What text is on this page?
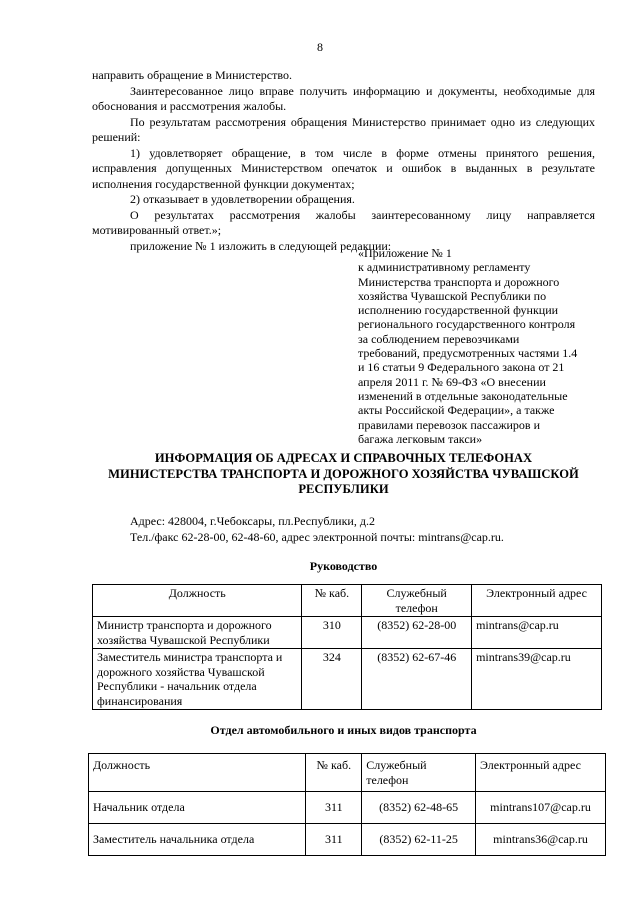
8

направить обращение в Министерство.

Заинтересованное лицо вправе получить информацию и документы, необходимые для обоснования и рассмотрения жалобы.

По результатам рассмотрения обращения Министерство принимает одно из следующих решений:

1) удовлетворяет обращение, в том числе в форме отмены принятого решения, исправления допущенных Министерством опечаток и ошибок в выданных в результате исполнения государственной функции документах;

2) отказывает в удовлетворении обращения.

О результатах рассмотрения жалобы заинтересованному лицу направляется мотивированный ответ.»;

приложение № 1 изложить в следующей редакции:

«Приложение № 1
к административному регламенту
Министерства транспорта и дорожного
хозяйства Чувашской Республики по
исполнению государственной функции
регионального государственного контроля
за соблюдением перевозчиками
требований, предусмотренных частями 1.4
и 16 статьи 9 Федерального закона от 21
апреля 2011 г. № 69-ФЗ «О внесении
изменений в отдельные законодательные
акты Российской Федерации», а также
правилами перевозок пассажиров и
багажа легковым такси»
ИНФОРМАЦИЯ ОБ АДРЕСАХ И СПРАВОЧНЫХ ТЕЛЕФОНАХ
МИНИСТЕРСТВА ТРАНСПОРТА И ДОРОЖНОГО ХОЗЯЙСТВА ЧУВАШСКОЙ
РЕСПУБЛИКИ
Адрес: 428004, г.Чебоксары, пл.Республики, д.2
Тел./факс 62-28-00, 62-48-60, адрес электронной почты: mintrans@cap.ru.
Руководство
Должность	№ каб.	Служебный телефон	Электронный адрес
Министр транспорта и дорожного хозяйства Чувашской Республики	310	(8352) 62-28-00	mintrans@cap.ru
Заместитель министра транспорта и дорожного хозяйства Чувашской Республики - начальник отдела финансирования	324	(8352) 62-67-46	mintrans39@cap.ru
Отдел автомобильного и иных видов транспорта
Должность	№ каб.	Служебный телефон	Электронный адрес
Начальник отдела	311	(8352) 62-48-65	mintrans107@cap.ru
Заместитель начальника отдела	311	(8352) 62-11-25	mintrans36@cap.ru
